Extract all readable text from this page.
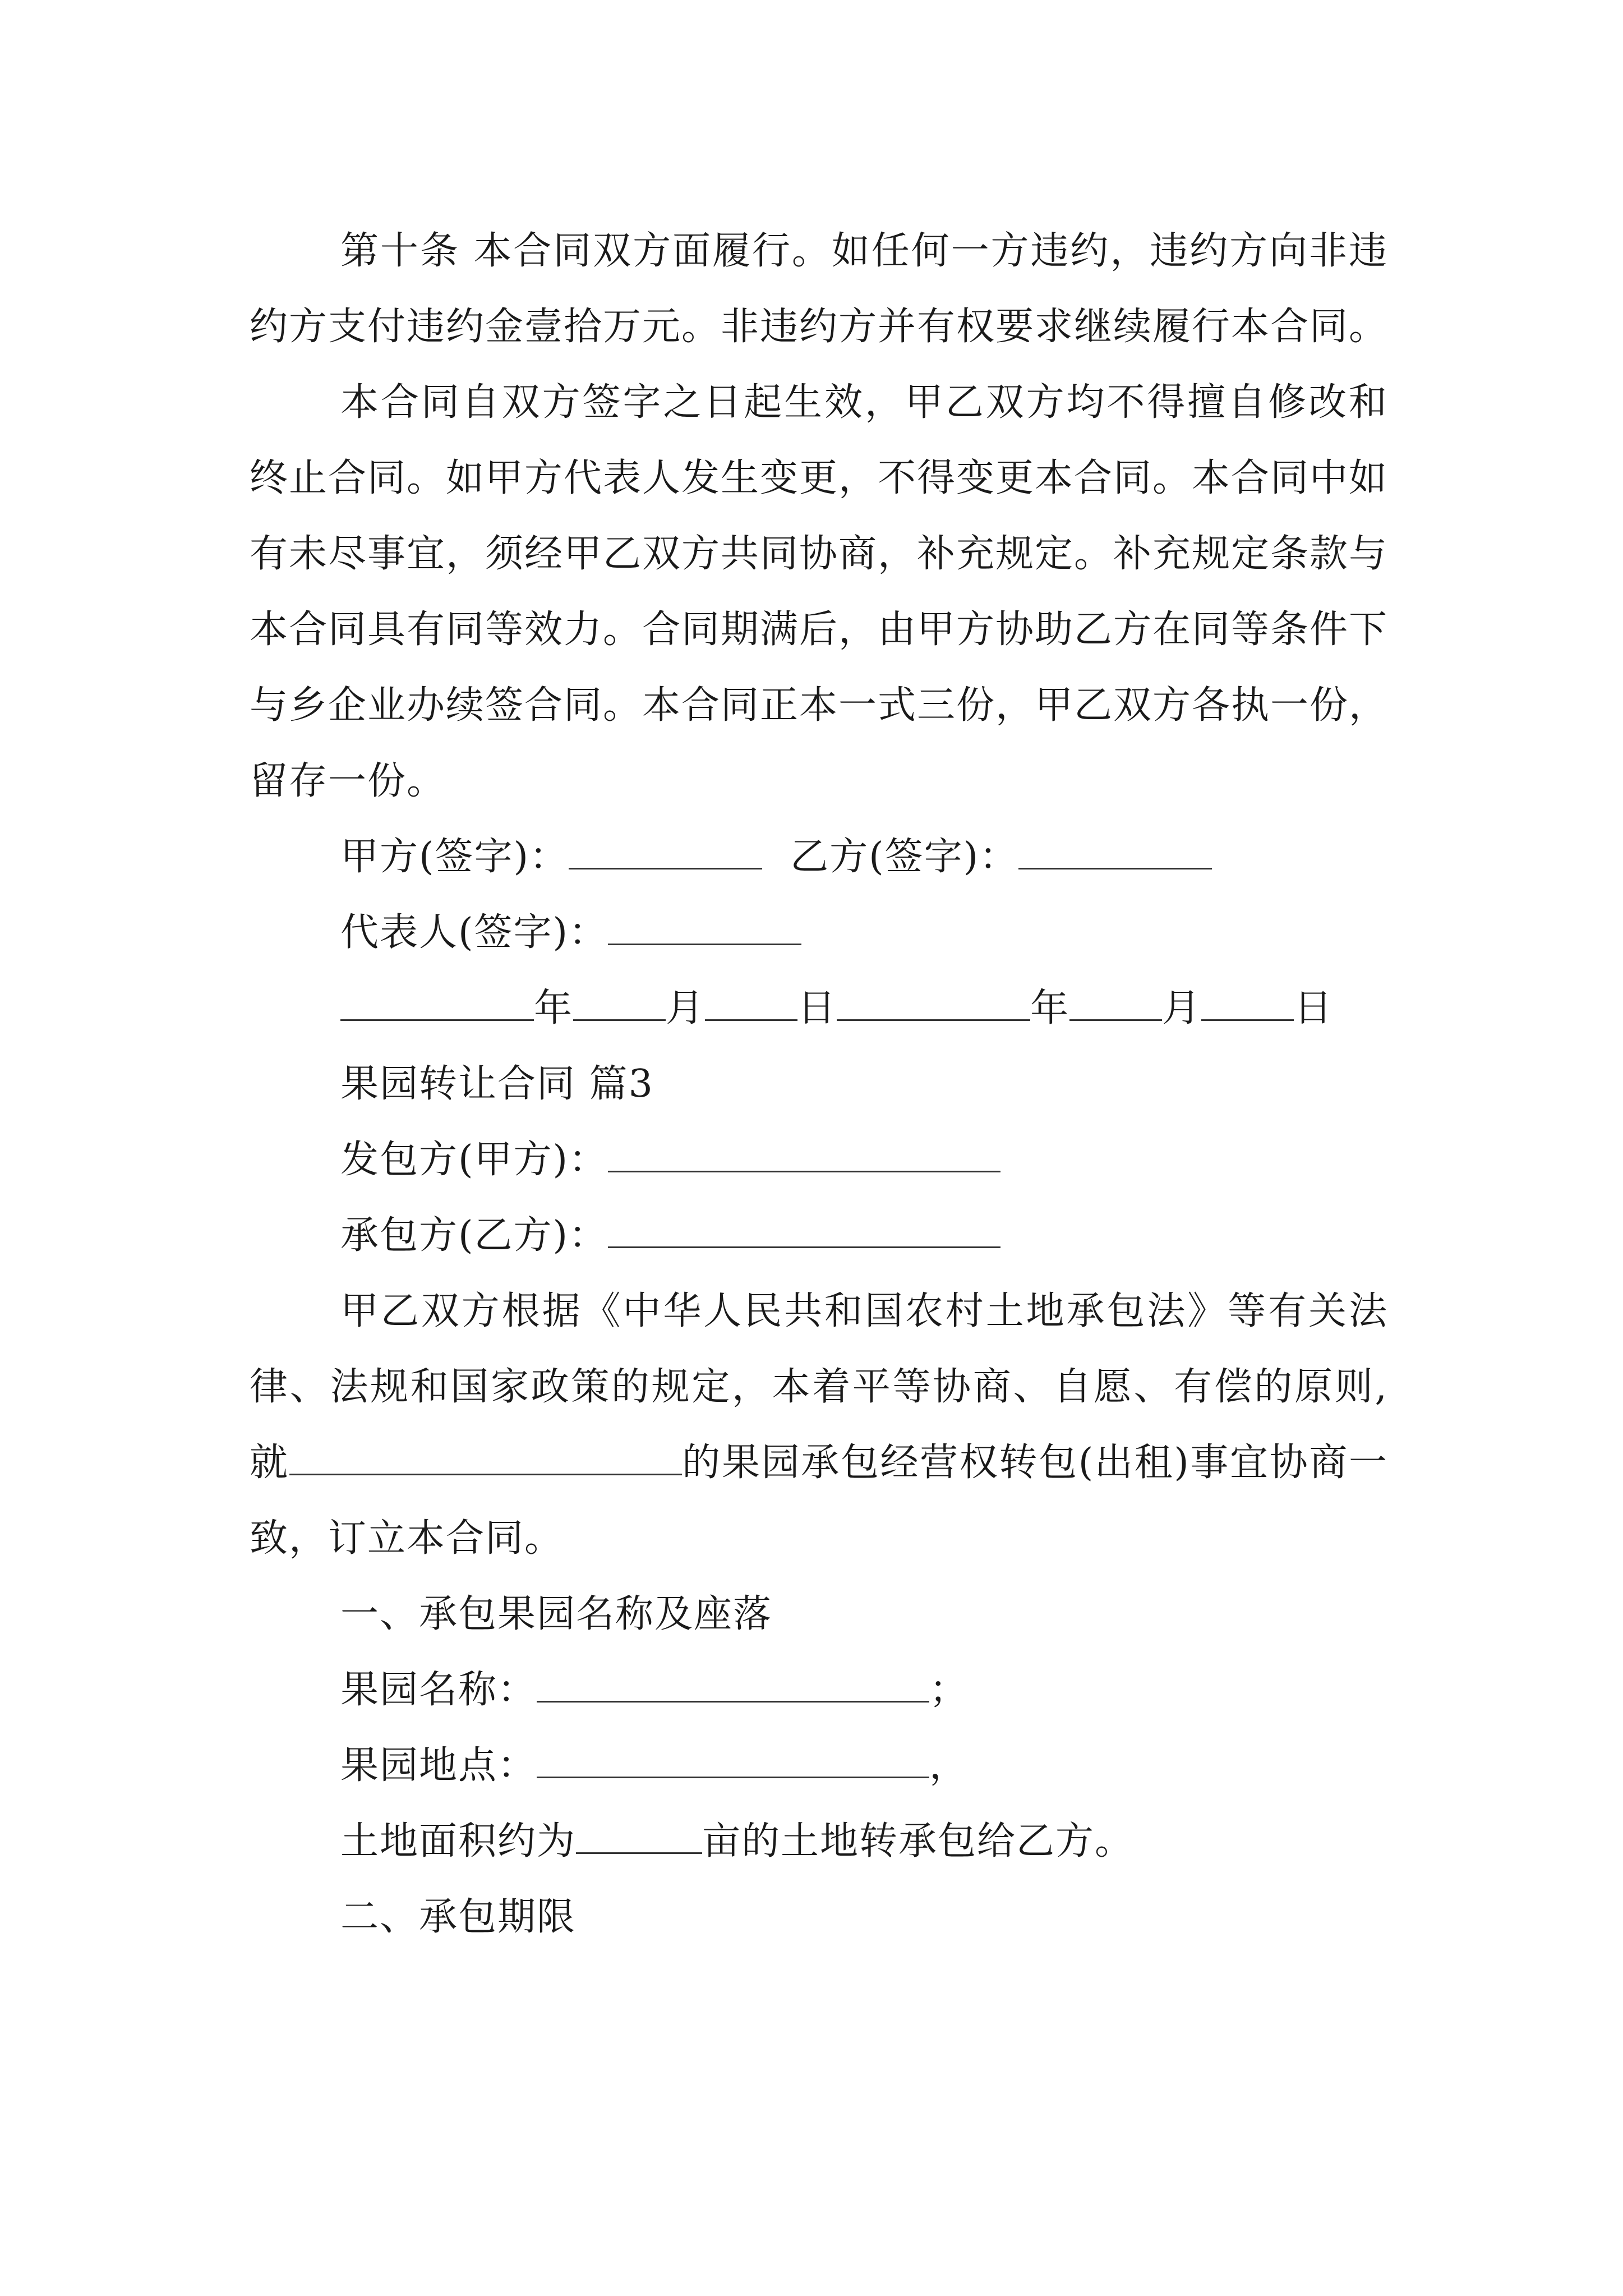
第十条 本合同双方面履行。如任何一方违约，违约方向非违约方支付违约金壹拾万元。非违约方并有权要求继续履行本合同。

本合同自双方签字之日起生效，甲乙双方均不得擅自修改和终止合同。如甲方代表人发生变更，不得变更本合同。本合同中如有未尽事宜，须经甲乙双方共同协商，补充规定。补充规定条款与本合同具有同等效力。合同期满后，由甲方协助乙方在同等条件下与乡企业办续签合同。本合同正本一式三份，甲乙双方各执一份，留存一份。

甲方(签字)：	乙方(签字)：

代表人(签字)：

年 月 日	年 月 日

果园转让合同 篇3

发包方(甲方)：

承包方(乙方)：

甲乙双方根据《中华人民共和国农村土地承包法》等有关法律、法规和国家政策的规定，本着平等协商、自愿、有偿的原则,就	的果园承包经营权转包(出租)事宜协商一致，订立本合同。

一、承包果园名称及座落

果园名称：	；

果园地点：	，

土地面积约为	亩的土地转承包给乙方。

二、承包期限
